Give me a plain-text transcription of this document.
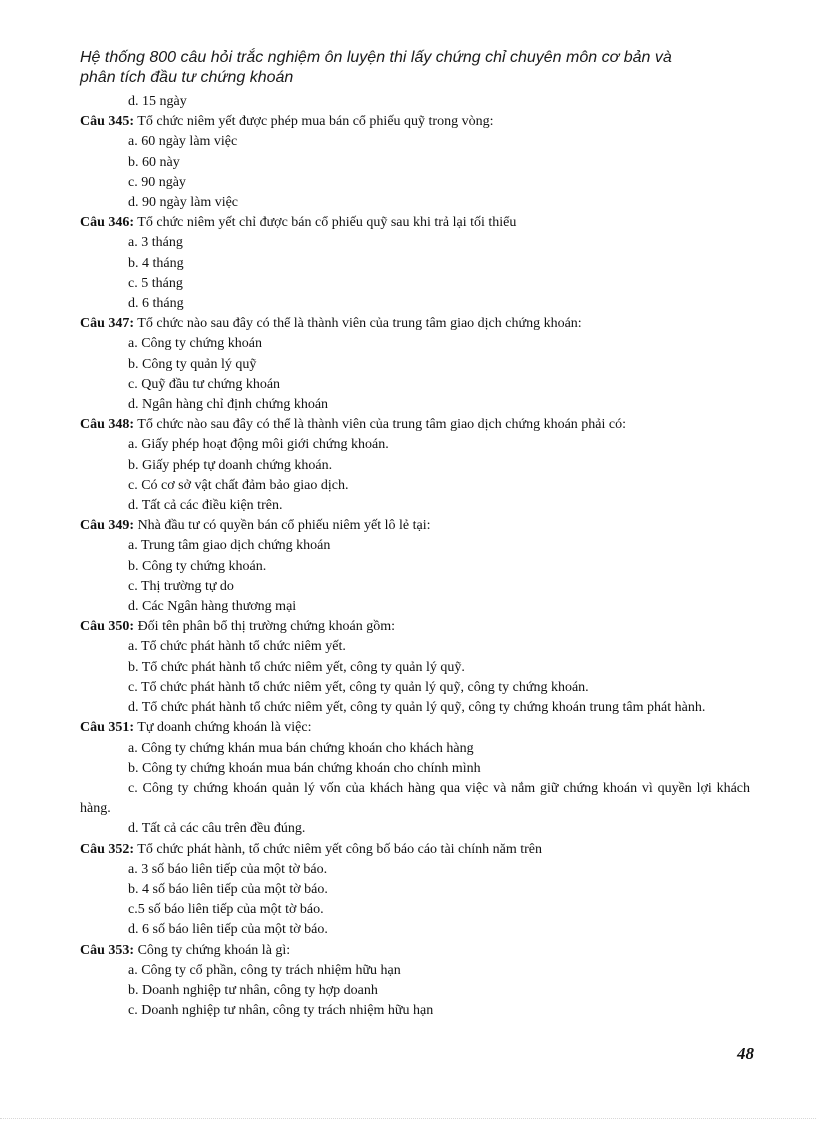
Hệ thống 800 câu hỏi trắc nghiệm ôn luyện thi lấy chứng chỉ chuyên môn cơ bản và
phân tích đầu tư chứng khoán
d. 15 ngày
Câu 345: Tổ chức niêm yết được phép mua bán cổ phiếu quỹ trong vòng:
a. 60 ngày làm việc
b. 60 này
c. 90 ngày
d. 90 ngày làm việc
Câu 346: Tổ chức niêm yết chỉ được bán cổ phiếu quỹ sau khi trả lại tối thiểu
a. 3 tháng
b. 4 tháng
c. 5 tháng
d. 6 tháng
Câu 347: Tổ chức nào sau đây có thể là thành viên của trung tâm giao dịch chứng khoán:
a. Công ty chứng khoán
b. Công ty quản lý quỹ
c. Quỹ đầu tư chứng khoán
d. Ngân hàng chỉ định chứng khoán
Câu 348: Tổ chức nào sau đây có thể là thành viên của trung tâm giao dịch chứng khoán phải có:
a. Giấy phép hoạt động môi giới chứng khoán.
b. Giấy phép tự doanh chứng khoán.
c. Có cơ sở vật chất đảm bảo giao dịch.
d. Tất cả các điều kiện trên.
Câu 349: Nhà đầu tư có quyền bán cổ phiếu niêm yết lô lẻ tại:
a. Trung tâm giao dịch chứng khoán
b. Công ty chứng khoán.
c. Thị trường tự do
d. Các Ngân hàng thương mại
Câu 350: Đối tên phân bổ thị trường chứng khoán gồm:
a. Tổ chức phát hành tổ chức niêm yết.
b. Tổ chức phát hành tổ chức niêm yết, công ty quản lý quỹ.
c. Tổ chức phát hành tổ chức niêm yết, công ty quản lý quỹ, công ty chứng khoán.
d. Tổ chức phát hành tổ chức niêm yết, công ty quản lý quỹ, công ty chứng khoán trung tâm phát hành.
Câu 351: Tự doanh chứng khoán là việc:
a. Công ty chứng khán mua bán chứng khoán cho khách hàng
b. Công ty chứng khoán mua bán chứng khoán cho chính mình
c. Công ty chứng khoán quản lý vốn của khách hàng qua việc và nắm giữ chứng khoán vì quyền lợi khách hàng.
d. Tất cả các câu trên đều đúng.
Câu 352: Tổ chức phát hành, tổ chức niêm yết công bố báo cáo tài chính năm trên
a. 3 số báo liên tiếp của một tờ báo.
b. 4 số báo liên tiếp của một tờ báo.
c.5 số báo liên tiếp của một tờ báo.
d. 6 số báo liên tiếp của một tờ báo.
Câu 353: Công ty chứng khoán là gì:
a. Công ty cổ phần, công ty trách nhiệm hữu hạn
b. Doanh nghiệp tư nhân, công ty hợp doanh
c. Doanh nghiệp tư nhân, công ty trách nhiệm hữu hạn
48
